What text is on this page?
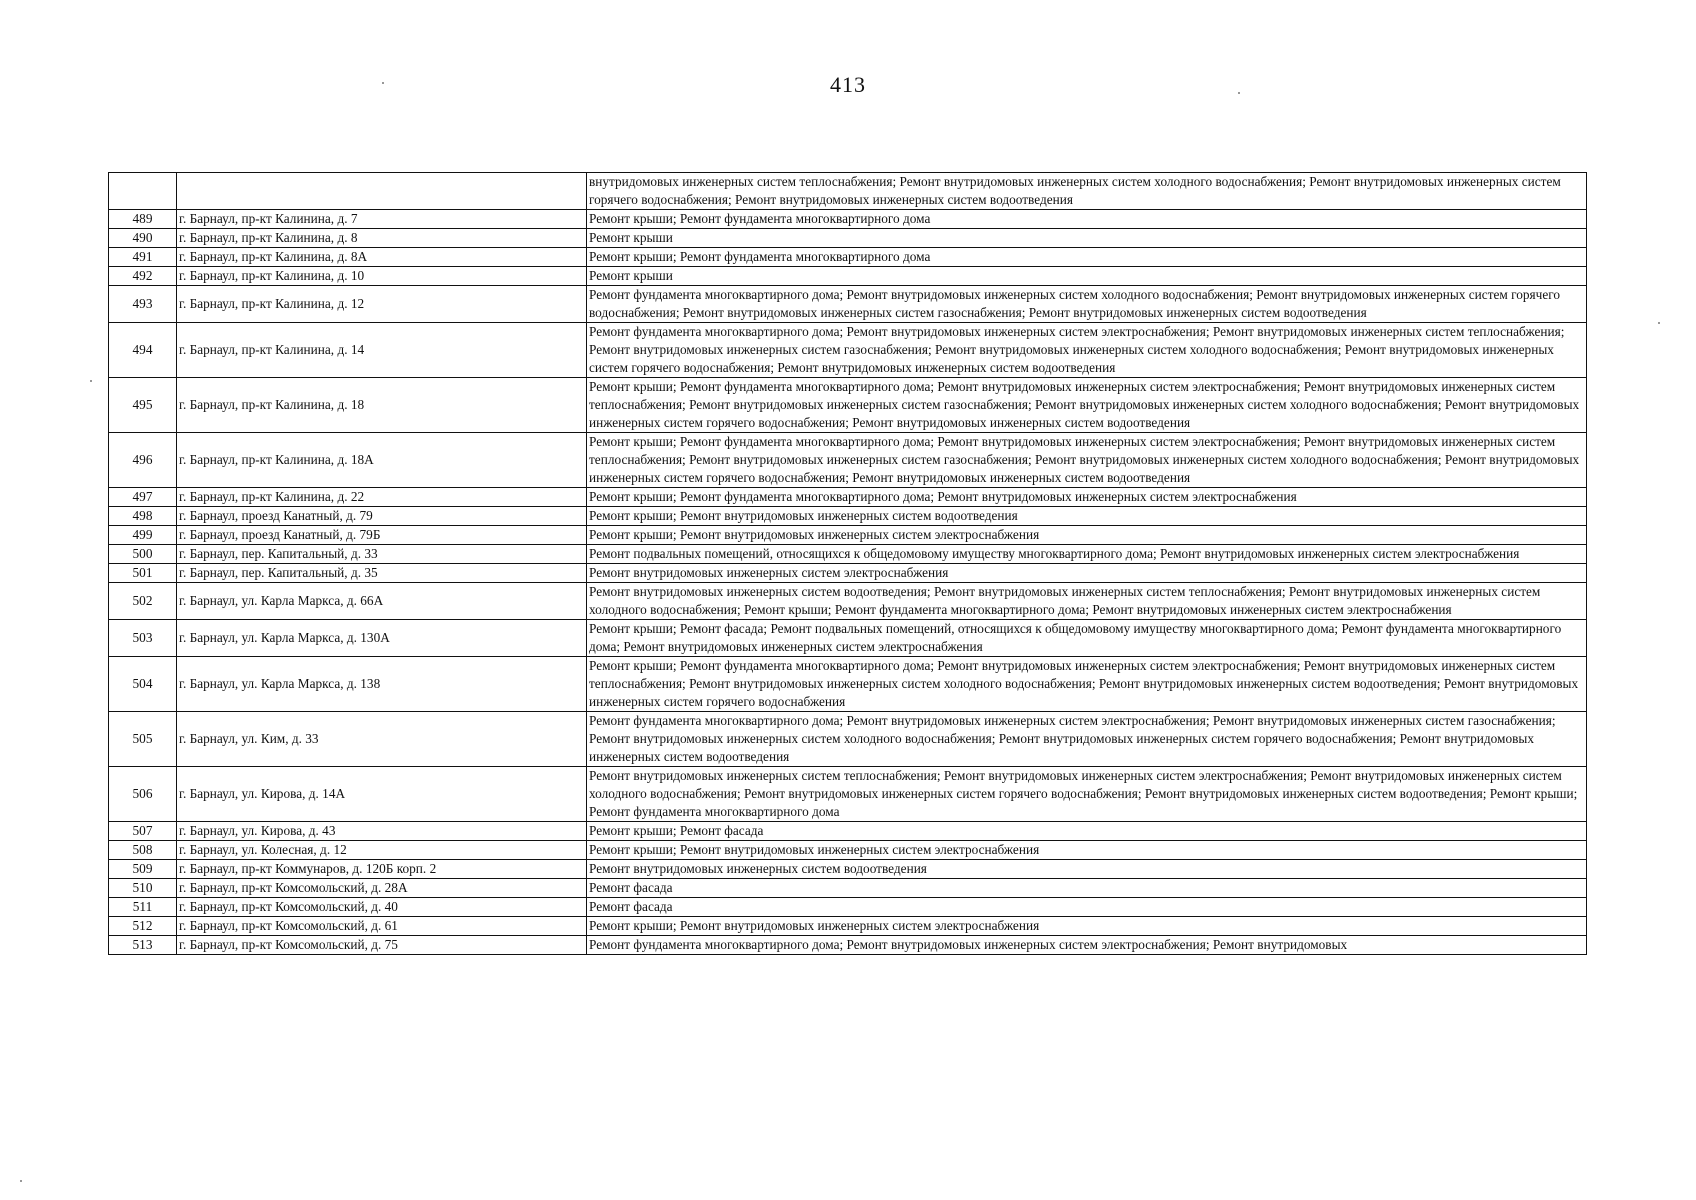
413
		внутридомовых инженерных систем теплоснабжения; Ремонт внутридомовых инженерных систем холодного водоснабжения; Ремонт внутридомовых инженерных систем горячего водоснабжения; Ремонт внутридомовых инженерных систем водоотведения
489	г. Барнаул, пр-кт Калинина, д. 7	Ремонт крыши; Ремонт фундамента многоквартирного дома
490	г. Барнаул, пр-кт Калинина, д. 8	Ремонт крыши
491	г. Барнаул, пр-кт Калинина, д. 8А	Ремонт крыши; Ремонт фундамента многоквартирного дома
492	г. Барнаул, пр-кт Калинина, д. 10	Ремонт крыши
493	г. Барнаул, пр-кт Калинина, д. 12	Ремонт фундамента многоквартирного дома; Ремонт внутридомовых инженерных систем холодного водоснабжения; Ремонт внутридомовых инженерных систем горячего водоснабжения; Ремонт внутридомовых инженерных систем газоснабжения; Ремонт внутридомовых инженерных систем водоотведения
494	г. Барнаул, пр-кт Калинина, д. 14	Ремонт фундамента многоквартирного дома; Ремонт внутридомовых инженерных систем электроснабжения; Ремонт внутридомовых инженерных систем теплоснабжения; Ремонт внутридомовых инженерных систем газоснабжения; Ремонт внутридомовых инженерных систем холодного водоснабжения; Ремонт внутридомовых инженерных систем горячего водоснабжения; Ремонт внутридомовых инженерных систем водоотведения
495	г. Барнаул, пр-кт Калинина, д. 18	Ремонт крыши; Ремонт фундамента многоквартирного дома; Ремонт внутридомовых инженерных систем электроснабжения; Ремонт внутридомовых инженерных систем теплоснабжения; Ремонт внутридомовых инженерных систем газоснабжения; Ремонт внутридомовых инженерных систем холодного водоснабжения; Ремонт внутридомовых инженерных систем горячего водоснабжения; Ремонт внутридомовых инженерных систем водоотведения
496	г. Барнаул, пр-кт Калинина, д. 18А	Ремонт крыши; Ремонт фундамента многоквартирного дома; Ремонт внутридомовых инженерных систем электроснабжения; Ремонт внутридомовых инженерных систем теплоснабжения; Ремонт внутридомовых инженерных систем газоснабжения; Ремонт внутридомовых инженерных систем холодного водоснабжения; Ремонт внутридомовых инженерных систем горячего водоснабжения; Ремонт внутридомовых инженерных систем водоотведения
497	г. Барнаул, пр-кт Калинина, д. 22	Ремонт крыши; Ремонт фундамента многоквартирного дома; Ремонт внутридомовых инженерных систем электроснабжения
498	г. Барнаул, проезд Канатный, д. 79	Ремонт крыши; Ремонт внутридомовых инженерных систем водоотведения
499	г. Барнаул, проезд Канатный, д. 79Б	Ремонт крыши; Ремонт внутридомовых инженерных систем электроснабжения
500	г. Барнаул, пер. Капитальный, д. 33	Ремонт подвальных помещений, относящихся к общедомовому имуществу многоквартирного дома; Ремонт внутридомовых инженерных систем электроснабжения
501	г. Барнаул, пер. Капитальный, д. 35	Ремонт внутридомовых инженерных систем электроснабжения
502	г. Барнаул, ул. Карла Маркса, д. 66А	Ремонт внутридомовых инженерных систем водоотведения; Ремонт внутридомовых инженерных систем теплоснабжения; Ремонт внутридомовых инженерных систем холодного водоснабжения; Ремонт крыши; Ремонт фундамента многоквартирного дома; Ремонт внутридомовых инженерных систем электроснабжения
503	г. Барнаул, ул. Карла Маркса, д. 130А	Ремонт крыши; Ремонт фасада; Ремонт подвальных помещений, относящихся к общедомовому имуществу многоквартирного дома; Ремонт фундамента многоквартирного дома; Ремонт внутридомовых инженерных систем электроснабжения
504	г. Барнаул, ул. Карла Маркса, д. 138	Ремонт крыши; Ремонт фундамента многоквартирного дома; Ремонт внутридомовых инженерных систем электроснабжения; Ремонт внутридомовых инженерных систем теплоснабжения; Ремонт внутридомовых инженерных систем холодного водоснабжения; Ремонт внутридомовых инженерных систем водоотведения; Ремонт внутридомовых инженерных систем горячего водоснабжения
505	г. Барнаул, ул. Ким, д. 33	Ремонт фундамента многоквартирного дома; Ремонт внутридомовых инженерных систем электроснабжения; Ремонт внутридомовых инженерных систем газоснабжения; Ремонт внутридомовых инженерных систем холодного водоснабжения; Ремонт внутридомовых инженерных систем горячего водоснабжения; Ремонт внутридомовых инженерных систем водоотведения
506	г. Барнаул, ул. Кирова, д. 14А	Ремонт внутридомовых инженерных систем теплоснабжения; Ремонт внутридомовых инженерных систем электроснабжения; Ремонт внутридомовых инженерных систем холодного водоснабжения; Ремонт внутридомовых инженерных систем горячего водоснабжения; Ремонт внутридомовых инженерных систем водоотведения; Ремонт крыши; Ремонт фундамента многоквартирного дома
507	г. Барнаул, ул. Кирова, д. 43	Ремонт крыши; Ремонт фасада
508	г. Барнаул, ул. Колесная, д. 12	Ремонт крыши; Ремонт внутридомовых инженерных систем электроснабжения
509	г. Барнаул, пр-кт Коммунаров, д. 120Б корп. 2	Ремонт внутридомовых инженерных систем водоотведения
510	г. Барнаул, пр-кт Комсомольский, д. 28А	Ремонт фасада
511	г. Барнаул, пр-кт Комсомольский, д. 40	Ремонт фасада
512	г. Барнаул, пр-кт Комсомольский, д. 61	Ремонт крыши; Ремонт внутридомовых инженерных систем электроснабжения
513	г. Барнаул, пр-кт Комсомольский, д. 75	Ремонт фундамента многоквартирного дома; Ремонт внутридомовых инженерных систем электроснабжения; Ремонт внутридомовых
